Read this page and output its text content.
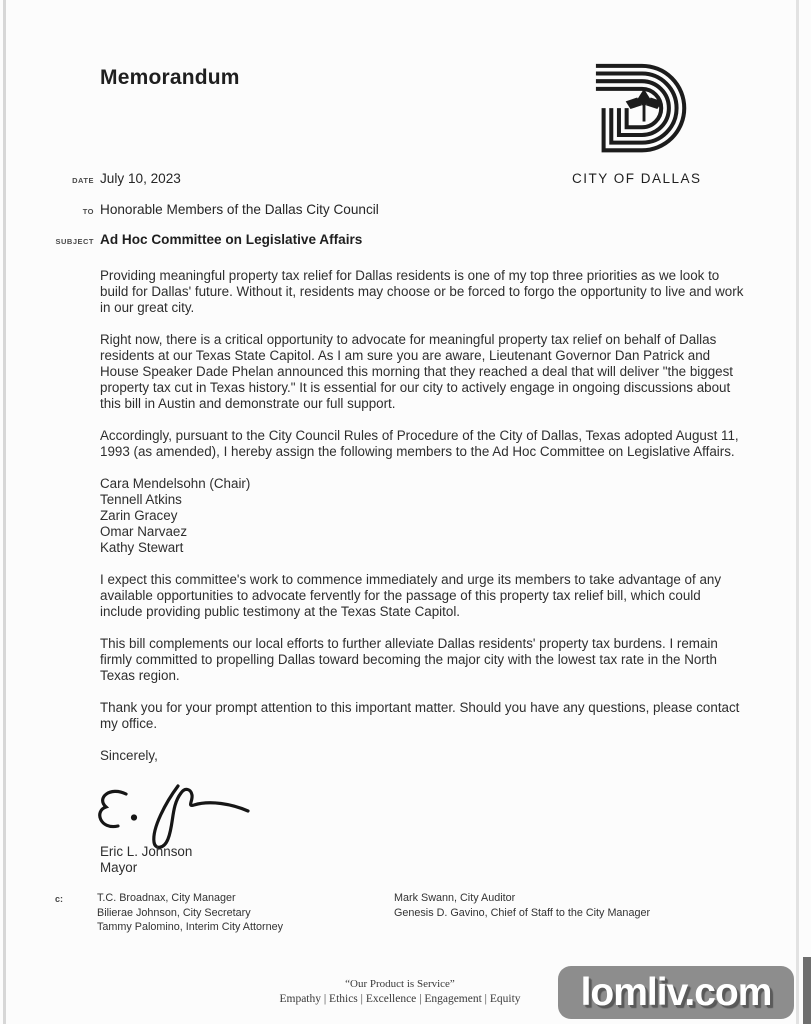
Memorandum
CITY OF DALLAS
DATE July 10, 2023
TO Honorable Members of the Dallas City Council
SUBJECT Ad Hoc Committee on Legislative Affairs

Providing meaningful property tax relief for Dallas residents is one of my top three priorities as we look to build for Dallas' future. Without it, residents may choose or be forced to forgo the opportunity to live and work in our great city.

Right now, there is a critical opportunity to advocate for meaningful property tax relief on behalf of Dallas residents at our Texas State Capitol. As I am sure you are aware, Lieutenant Governor Dan Patrick and House Speaker Dade Phelan announced this morning that they reached a deal that will deliver "the biggest property tax cut in Texas history." It is essential for our city to actively engage in ongoing discussions about this bill in Austin and demonstrate our full support.

Accordingly, pursuant to the City Council Rules of Procedure of the City of Dallas, Texas adopted August 11, 1993 (as amended), I hereby assign the following members to the Ad Hoc Committee on Legislative Affairs.

Cara Mendelsohn (Chair)
Tennell Atkins
Zarin Gracey
Omar Narvaez
Kathy Stewart

I expect this committee's work to commence immediately and urge its members to take advantage of any available opportunities to advocate fervently for the passage of this property tax relief bill, which could include providing public testimony at the Texas State Capitol.

This bill complements our local efforts to further alleviate Dallas residents' property tax burdens. I remain firmly committed to propelling Dallas toward becoming the major city with the lowest tax rate in the North Texas region.

Thank you for your prompt attention to this important matter. Should you have any questions, please contact my office.

Sincerely,

Eric L. Johnson
Mayor
c:	T.C. Broadnax, City Manager
Bilierae Johnson, City Secretary
Tammy Palomino, Interim City Attorney
Mark Swann, City Auditor
Genesis D. Gavino, Chief of Staff to the City Manager
“Our Product is Service”
Empathy | Ethics | Excellence | Engagement | Equity	lomliv.com
